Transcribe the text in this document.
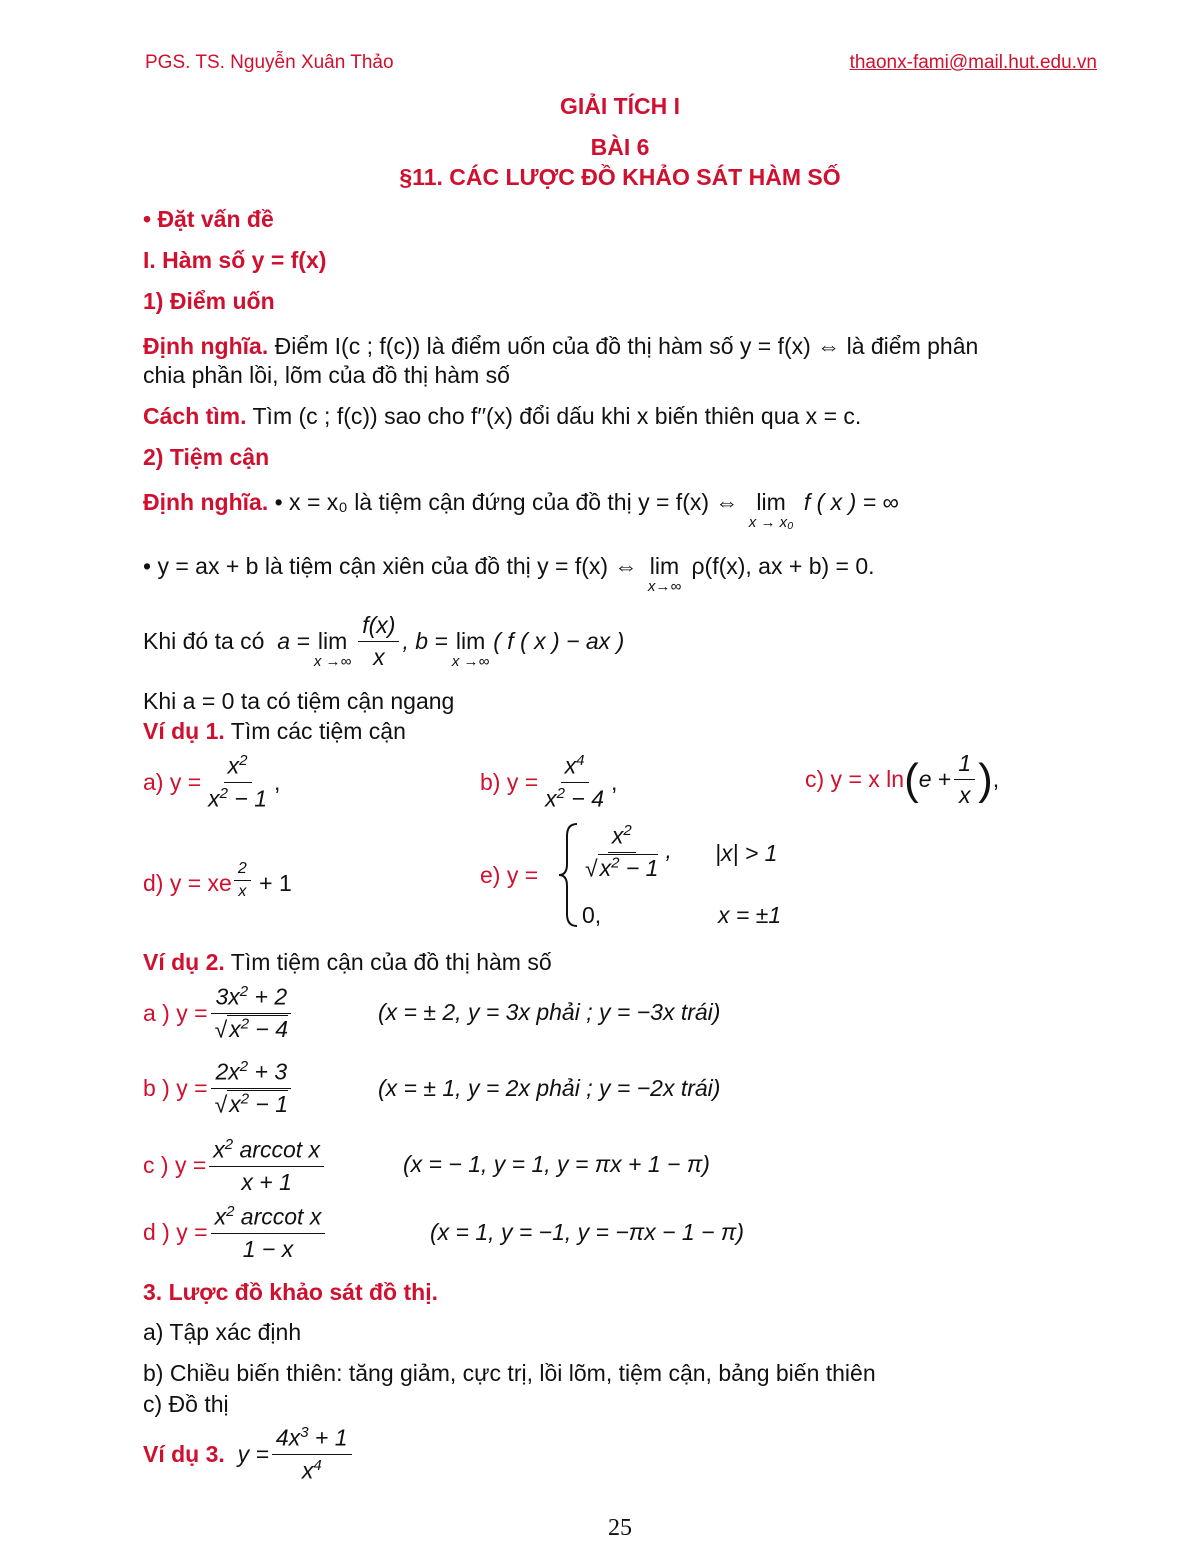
PGS. TS. Nguyễn Xuân Thảo	thaonx-fami@mail.hut.edu.vn
GIẢI TÍCH I
BÀI 6
§11. CÁC LƯỢC ĐỒ KHẢO SÁT HÀM SỐ
• Đặt vấn đề
I. Hàm số y = f(x)
1) Điểm uốn
Định nghĩa. Điểm I(c ; f(c)) là điểm uốn của đồ thị hàm số y = f(x) ⇔ là điểm phân
chia phần lồi, lõm của đồ thị hàm số
Cách tìm. Tìm (c ; f(c)) sao cho f′′(x) đổi dấu khi x biến thiên qua x = c.
2) Tiệm cận
Định nghĩa. • x = x₀ là tiệm cận đứng của đồ thị y = f(x) ⇔ lim
x → x₀
f ( x ) = ∞
• y = ax + b là tiệm cận xiên của đồ thị y = f(x) ⇔ lim
x→∞
ρ(f(x), ax + b) = 0.
Khi đó ta có
a = lim
x →∞ $\frac{f(x)}{x}$ , b = lim
x →∞
( f ( x ) − ax )
Khi a = 0 ta có tiệm cận ngang
Ví dụ 1. Tìm các tiệm cận
a) $y = \frac{x^2}{x^2 - 1}$ ,	b) $y = \frac{x^4}{x^2 - 4}$ ,	c) y = x ln ( $e + \frac{1}{x}$ ) ,
d) y = xe $\frac{2}{x} + 1$	e) $y = \frac{x^2}{√x^2 - 1}$ , |x| > 1
0,	x = ±1
Ví dụ 2. Tìm tiệm cận của đồ thị hàm số
a ) $y = \frac{3x^2 + 2}{√x^2 - 4}$	(x = ± 2, y = 3x phải ; y = −3x trái)
b ) $y = \frac{2x^2 + 3}{√x^2 - 1}$	(x = ± 1, y = 2x phải ; y = −2x trái)
c ) $y = \frac{x^2 arccot x}{x + 1}$	(x = − 1, y = 1, y = πx + 1 − π)
d ) $y = \frac{x^2 arccot x}{1 - x}$	(x = 1, y = −1, y = −πx − 1 − π)
3. Lược đồ khảo sát đồ thị.
a) Tập xác định
b) Chiều biến thiên: tăng giảm, cực trị, lồi lõm, tiệm cận, bảng biến thiên
c) Đồ thị
Ví dụ 3.
$y = \frac{4x^3 + 1}{x^4}$
25
